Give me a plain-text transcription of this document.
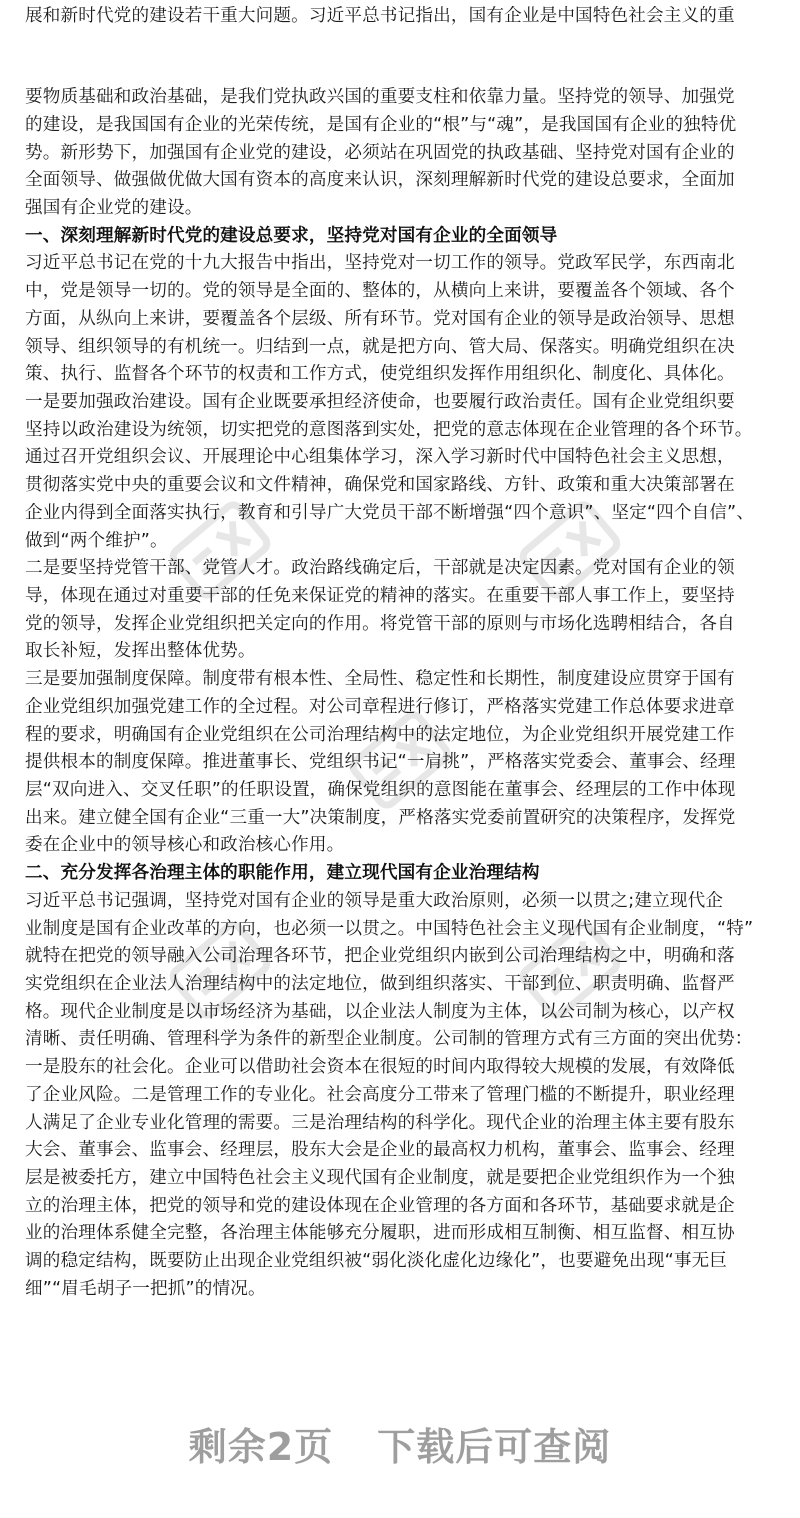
展和新时代党的建设若干重大问题。习近平总书记指出，国有企业是中国特色社会主义的重
要物质基础和政治基础，是我们党执政兴国的重要支柱和依靠力量。坚持党的领导、加强党
的建设，是我国国有企业的光荣传统，是国有企业的“根”与“魂”，是我国国有企业的独特优
势。新形势下，加强国有企业党的建设，必须站在巩固党的执政基础、坚持党对国有企业的
全面领导、做强做优做大国有资本的高度来认识，深刻理解新时代党的建设总要求，全面加
强国有企业党的建设。
一、深刻理解新时代党的建设总要求，坚持党对国有企业的全面领导
习近平总书记在党的十九大报告中指出，坚持党对一切工作的领导。党政军民学，东西南北
中，党是领导一切的。党的领导是全面的、整体的，从横向上来讲，要覆盖各个领域、各个
方面，从纵向上来讲，要覆盖各个层级、所有环节。党对国有企业的领导是政治领导、思想
领导、组织领导的有机统一。归结到一点，就是把方向、管大局、保落实。明确党组织在决
策、执行、监督各个环节的权责和工作方式，使党组织发挥作用组织化、制度化、具体化。
一是要加强政治建设。国有企业既要承担经济使命，也要履行政治责任。国有企业党组织要
坚持以政治建设为统领，切实把党的意图落到实处，把党的意志体现在企业管理的各个环节。
通过召开党组织会议、开展理论中心组集体学习，深入学习新时代中国特色社会主义思想，
贯彻落实党中央的重要会议和文件精神，确保党和国家路线、方针、政策和重大决策部署在
企业内得到全面落实执行，教育和引导广大党员干部不断增强“四个意识”、坚定“四个自信”、
做到“两个维护”。
二是要坚持党管干部、党管人才。政治路线确定后，干部就是决定因素。党对国有企业的领
导，体现在通过对重要干部的任免来保证党的精神的落实。在重要干部人事工作上，要坚持
党的领导，发挥企业党组织把关定向的作用。将党管干部的原则与市场化选聘相结合，各自
取长补短，发挥出整体优势。
三是要加强制度保障。制度带有根本性、全局性、稳定性和长期性，制度建设应贯穿于国有
企业党组织加强党建工作的全过程。对公司章程进行修订，严格落实党建工作总体要求进章
程的要求，明确国有企业党组织在公司治理结构中的法定地位，为企业党组织开展党建工作
提供根本的制度保障。推进董事长、党组织书记“一肩挑”，严格落实党委会、董事会、经理
层“双向进入、交叉任职”的任职设置，确保党组织的意图能在董事会、经理层的工作中体现
出来。建立健全国有企业“三重一大”决策制度，严格落实党委前置研究的决策程序，发挥党
委在企业中的领导核心和政治核心作用。
二、充分发挥各治理主体的职能作用，建立现代国有企业治理结构
习近平总书记强调，坚持党对国有企业的领导是重大政治原则，必须一以贯之;建立现代企
业制度是国有企业改革的方向，也必须一以贯之。中国特色社会主义现代国有企业制度，“特”
就特在把党的领导融入公司治理各环节，把企业党组织内嵌到公司治理结构之中，明确和落
实党组织在企业法人治理结构中的法定地位，做到组织落实、干部到位、职责明确、监督严
格。现代企业制度是以市场经济为基础，以企业法人制度为主体，以公司制为核心，以产权
清晰、责任明确、管理科学为条件的新型企业制度。公司制的管理方式有三方面的突出优势：
一是股东的社会化。企业可以借助社会资本在很短的时间内取得较大规模的发展，有效降低
了企业风险。二是管理工作的专业化。社会高度分工带来了管理门槛的不断提升，职业经理
人满足了企业专业化管理的需要。三是治理结构的科学化。现代企业的治理主体主要有股东
大会、董事会、监事会、经理层，股东大会是企业的最高权力机构，董事会、监事会、经理
层是被委托方，建立中国特色社会主义现代国有企业制度，就是要把企业党组织作为一个独
立的治理主体，把党的领导和党的建设体现在企业管理的各方面和各环节，基础要求就是企
业的治理体系健全完整，各治理主体能够充分履职，进而形成相互制衡、相互监督、相互协
调的稳定结构，既要防止出现企业党组织被“弱化淡化虚化边缘化”，也要避免出现“事无巨
细”“眉毛胡子一把抓”的情况。
剩余2页 下载后可查阅
